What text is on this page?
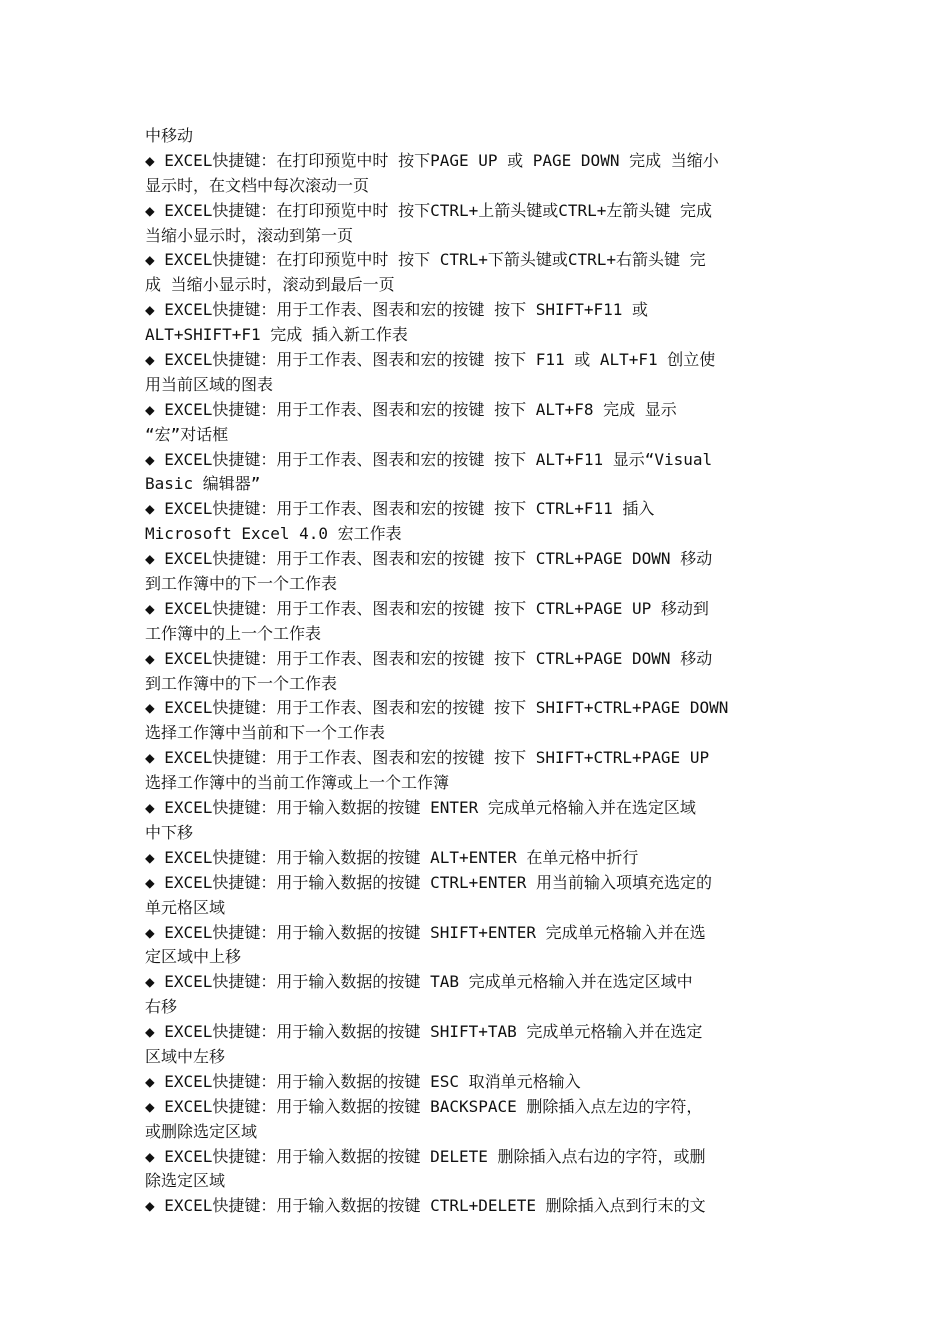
中移动
◆ EXCEL快捷键：在打印预览中时 按下PAGE UP 或 PAGE DOWN 完成 当缩小
显示时，在文档中每次滚动一页
◆ EXCEL快捷键：在打印预览中时 按下CTRL+上箭头键或CTRL+左箭头键 完成
当缩小显示时，滚动到第一页
◆ EXCEL快捷键：在打印预览中时 按下 CTRL+下箭头键或CTRL+右箭头键 完
成 当缩小显示时，滚动到最后一页
◆ EXCEL快捷键：用于工作表、图表和宏的按键 按下 SHIFT+F11 或
ALT+SHIFT+F1 完成 插入新工作表
◆ EXCEL快捷键：用于工作表、图表和宏的按键 按下 F11 或 ALT+F1 创立使
用当前区域的图表
◆ EXCEL快捷键：用于工作表、图表和宏的按键 按下 ALT+F8 完成 显示
“宏”对话框
◆ EXCEL快捷键：用于工作表、图表和宏的按键 按下 ALT+F11 显示“Visual
Basic 编辑器”
◆ EXCEL快捷键：用于工作表、图表和宏的按键 按下 CTRL+F11 插入
Microsoft Excel 4.0 宏工作表
◆ EXCEL快捷键：用于工作表、图表和宏的按键 按下 CTRL+PAGE DOWN 移动
到工作簿中的下一个工作表
◆ EXCEL快捷键：用于工作表、图表和宏的按键 按下 CTRL+PAGE UP 移动到
工作簿中的上一个工作表
◆ EXCEL快捷键：用于工作表、图表和宏的按键 按下 CTRL+PAGE DOWN 移动
到工作簿中的下一个工作表
◆ EXCEL快捷键：用于工作表、图表和宏的按键 按下 SHIFT+CTRL+PAGE DOWN
选择工作簿中当前和下一个工作表
◆ EXCEL快捷键：用于工作表、图表和宏的按键 按下 SHIFT+CTRL+PAGE UP
选择工作簿中的当前工作簿或上一个工作簿
◆ EXCEL快捷键：用于输入数据的按键 ENTER 完成单元格输入并在选定区域
中下移
◆ EXCEL快捷键：用于输入数据的按键 ALT+ENTER 在单元格中折行
◆ EXCEL快捷键：用于输入数据的按键 CTRL+ENTER 用当前输入项填充选定的
单元格区域
◆ EXCEL快捷键：用于输入数据的按键 SHIFT+ENTER 完成单元格输入并在选
定区域中上移
◆ EXCEL快捷键：用于输入数据的按键 TAB 完成单元格输入并在选定区域中
右移
◆ EXCEL快捷键：用于输入数据的按键 SHIFT+TAB 完成单元格输入并在选定
区域中左移
◆ EXCEL快捷键：用于输入数据的按键 ESC 取消单元格输入
◆ EXCEL快捷键：用于输入数据的按键 BACKSPACE 删除插入点左边的字符，
或删除选定区域
◆ EXCEL快捷键：用于输入数据的按键 DELETE 删除插入点右边的字符，或删
除选定区域
◆ EXCEL快捷键：用于输入数据的按键 CTRL+DELETE 删除插入点到行末的文
